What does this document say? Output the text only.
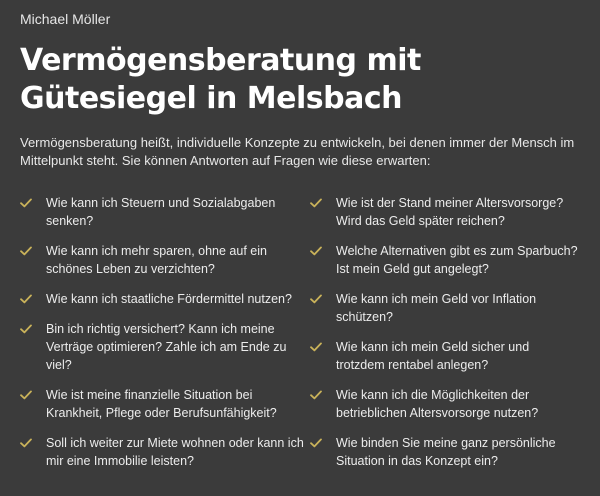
Michael Möller

Vermögensberatung mit
Gütesiegel in Melsbach

Vermögensberatung heißt, individuelle Konzepte zu entwickeln, bei denen immer der Mensch im Mittelpunkt steht. Sie können Antworten auf Fragen wie diese erwarten:

Wie kann ich Steuern und Sozialabgaben senken?
Wie kann ich mehr sparen, ohne auf ein schönes Leben zu verzichten?
Wie kann ich staatliche Fördermittel nutzen?
Bin ich richtig versichert? Kann ich meine Verträge optimieren? Zahle ich am Ende zu viel?
Wie ist meine finanzielle Situation bei Krankheit, Pflege oder Berufsunfähigkeit?
Soll ich weiter zur Miete wohnen oder kann ich mir eine Immobilie leisten?
Wie ist der Stand meiner Altersvorsorge? Wird das Geld später reichen?
Welche Alternativen gibt es zum Sparbuch? Ist mein Geld gut angelegt?
Wie kann ich mein Geld vor Inflation schützen?
Wie kann ich mein Geld sicher und trotzdem rentabel anlegen?
Wie kann ich die Möglichkeiten der betrieblichen Altersvorsorge nutzen?
Wie binden Sie meine ganz persönliche Situation in das Konzept ein?
